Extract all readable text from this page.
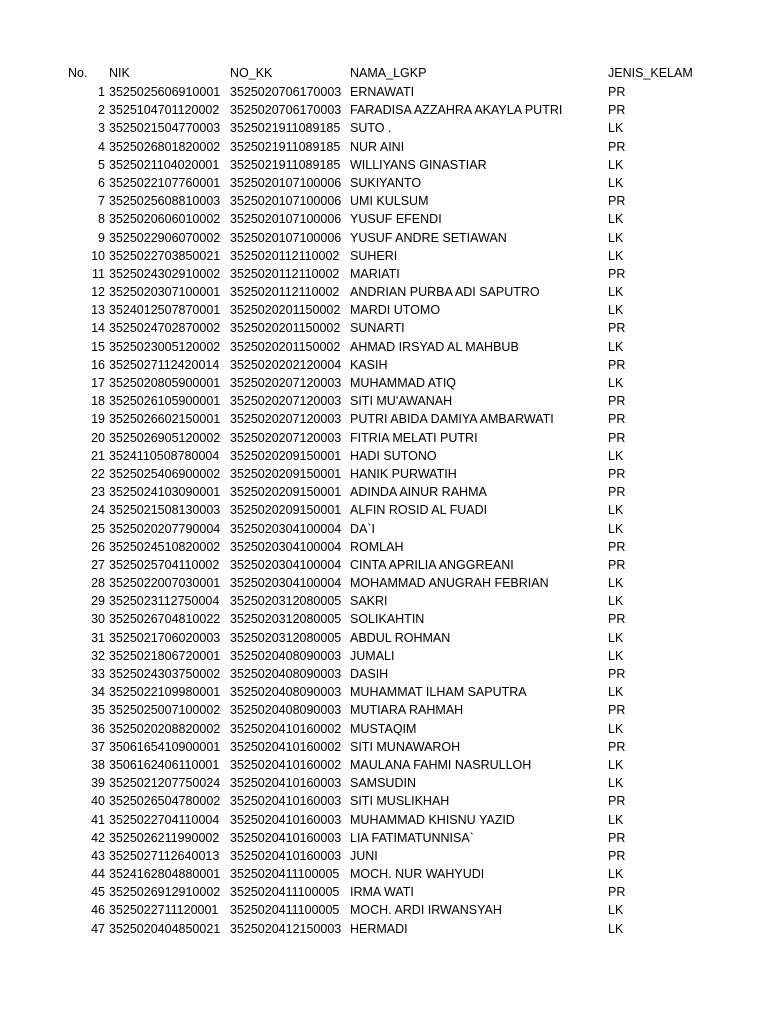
No.	NIK	NO_KK	NAMA_LGKP	JENIS_KELAM
1 3525025606910001 3525020706170003 ERNAWATI	PR
2 3525104701120002 3525020706170003 FARADISA AZZAHRA AKAYLA PUTRI	PR
3 3525021504770003 3525021911089185 SUTO .	LK
4 3525026801820002 3525021911089185 NUR AINI	PR
5 3525021104020001 3525021911089185 WILLIYANS GINASTIAR	LK
6 3525022107760001 3525020107100006 SUKIYANTO	LK
7 3525025608810003 3525020107100006 UMI KULSUM	PR
8 3525020606010002 3525020107100006 YUSUF EFENDI	LK
9 3525022906070002 3525020107100006 YUSUF ANDRE SETIAWAN	LK
10 3525022703850021 3525020112110002 SUHERI	LK
11 3525024302910002 3525020112110002 MARIATI	PR
12 3525020307100001 3525020112110002 ANDRIAN PURBA ADI SAPUTRO	LK
13 3524012507870001 3525020201150002 MARDI UTOMO	LK
14 3525024702870002 3525020201150002 SUNARTI	PR
15 3525023005120002 3525020201150002 AHMAD IRSYAD AL MAHBUB	LK
16 3525027112420014 3525020202120004 KASIH	PR
17 3525020805900001 3525020207120003 MUHAMMAD ATIQ	LK
18 3525026105900001 3525020207120003 SITI MU'AWANAH	PR
19 3525026602150001 3525020207120003 PUTRI ABIDA DAMIYA AMBARWATI	PR
20 3525026905120002 3525020207120003 FITRIA MELATI PUTRI	PR
21 3524110508780004 3525020209150001 HADI SUTONO	LK
22 3525025406900002 3525020209150001 HANIK PURWATIH	PR
23 3525024103090001 3525020209150001 ADINDA AINUR RAHMA	PR
24 3525021508130003 3525020209150001 ALFIN ROSID AL FUADI	LK
25 3525020207790004 3525020304100004 DA`I	LK
26 3525024510820002 3525020304100004 ROMLAH	PR
27 3525025704110002 3525020304100004 CINTA APRILIA ANGGREANI	PR
28 3525022007030001 3525020304100004 MOHAMMAD ANUGRAH FEBRIAN	LK
29 3525023112750004 3525020312080005 SAKRI	LK
30 3525026704810022 3525020312080005 SOLIKAHTIN	PR
31 3525021706020003 3525020312080005 ABDUL ROHMAN	LK
32 3525021806720001 3525020408090003 JUMALI	LK
33 3525024303750002 3525020408090003 DASIH	PR
34 3525022109980001 3525020408090003 MUHAMMAT ILHAM SAPUTRA	LK
35 3525025007100002 3525020408090003 MUTIARA RAHMAH	PR
36 3525020208820002 3525020410160002 MUSTAQIM	LK
37 3506165410900001 3525020410160002 SITI MUNAWAROH	PR
38 3506162406110001 3525020410160002 MAULANA FAHMI NASRULLOH	LK
39 3525021207750024 3525020410160003 SAMSUDIN	LK
40 3525026504780002 3525020410160003 SITI MUSLIKHAH	PR
41 3525022704110004 3525020410160003 MUHAMMAD KHISNU YAZID	LK
42 3525026211990002 3525020410160003 LIA FATIMATUNNISA`	PR
43 3525027112640013 3525020410160003 JUNI	PR
44 3524162804880001 3525020411100005 MOCH. NUR WAHYUDI	LK
45 3525026912910002 3525020411100005 IRMA WATI	PR
46 3525022711120001 3525020411100005 MOCH. ARDI IRWANSYAH	LK
47 3525020404850021 3525020412150003 HERMADI	LK
